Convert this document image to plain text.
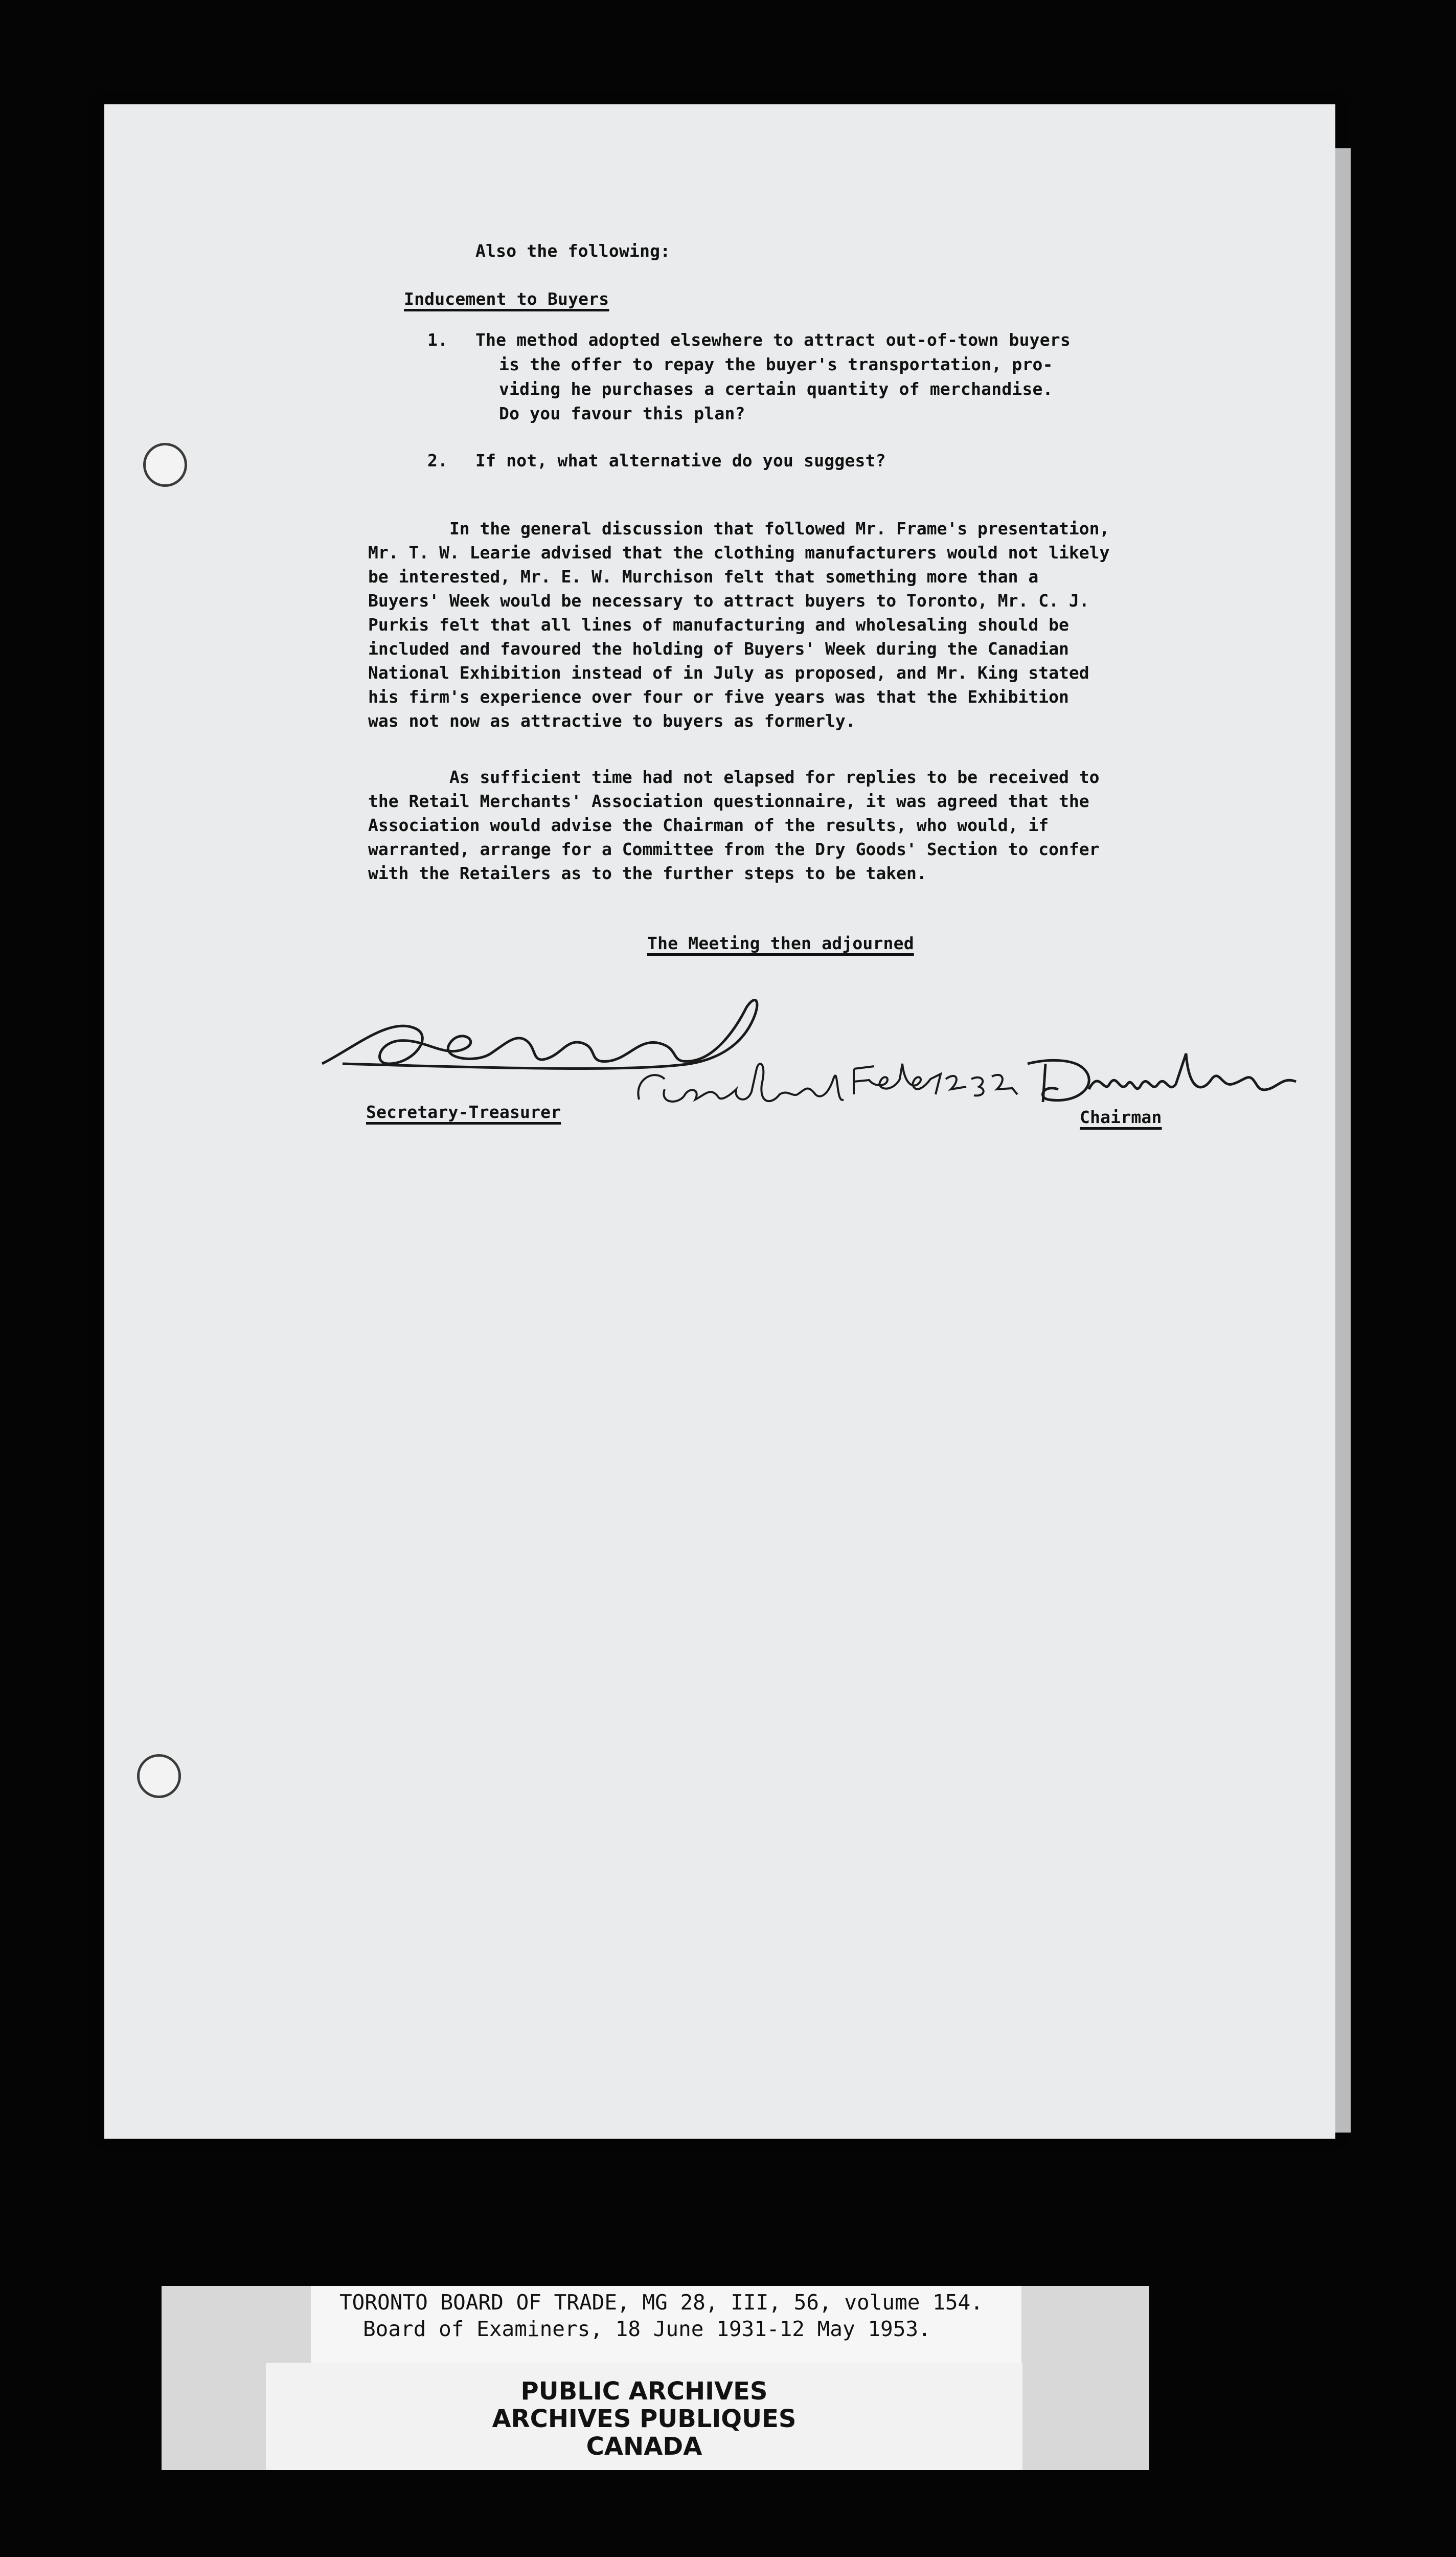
Also the following:
Inducement to Buyers
1. The method adopted elsewhere to attract out-of-town buyers
is the offer to repay the buyer's transportation, pro-
viding he purchases a certain quantity of merchandise.
Do you favour this plan?
2. If not, what alternative do you suggest?
In the general discussion that followed Mr. Frame's presentation,
Mr. T. W. Learie advised that the clothing manufacturers would not likely
be interested, Mr. E. W. Murchison felt that something more than a
Buyers' Week would be necessary to attract buyers to Toronto, Mr. C. J.
Purkis felt that all lines of manufacturing and wholesaling should be
included and favoured the holding of Buyers' Week during the Canadian
National Exhibition instead of in July as proposed, and Mr. King stated
his firm's experience over four or five years was that the Exhibition
was not now as attractive to buyers as formerly.
As sufficient time had not elapsed for replies to be received to
the Retail Merchants' Association questionnaire, it was agreed that the
Association would advise the Chairman of the results, who would, if
warranted, arrange for a Committee from the Dry Goods' Section to confer
with the Retailers as to the further steps to be taken.
The Meeting then adjourned
Secretary-Treasurer	Chairman
TORONTO BOARD OF TRADE, MG 28, III, 56, volume 154.
Board of Examiners, 18 June 1931-12 May 1953.
PUBLIC ARCHIVES
ARCHIVES PUBLIQUES
CANADA
